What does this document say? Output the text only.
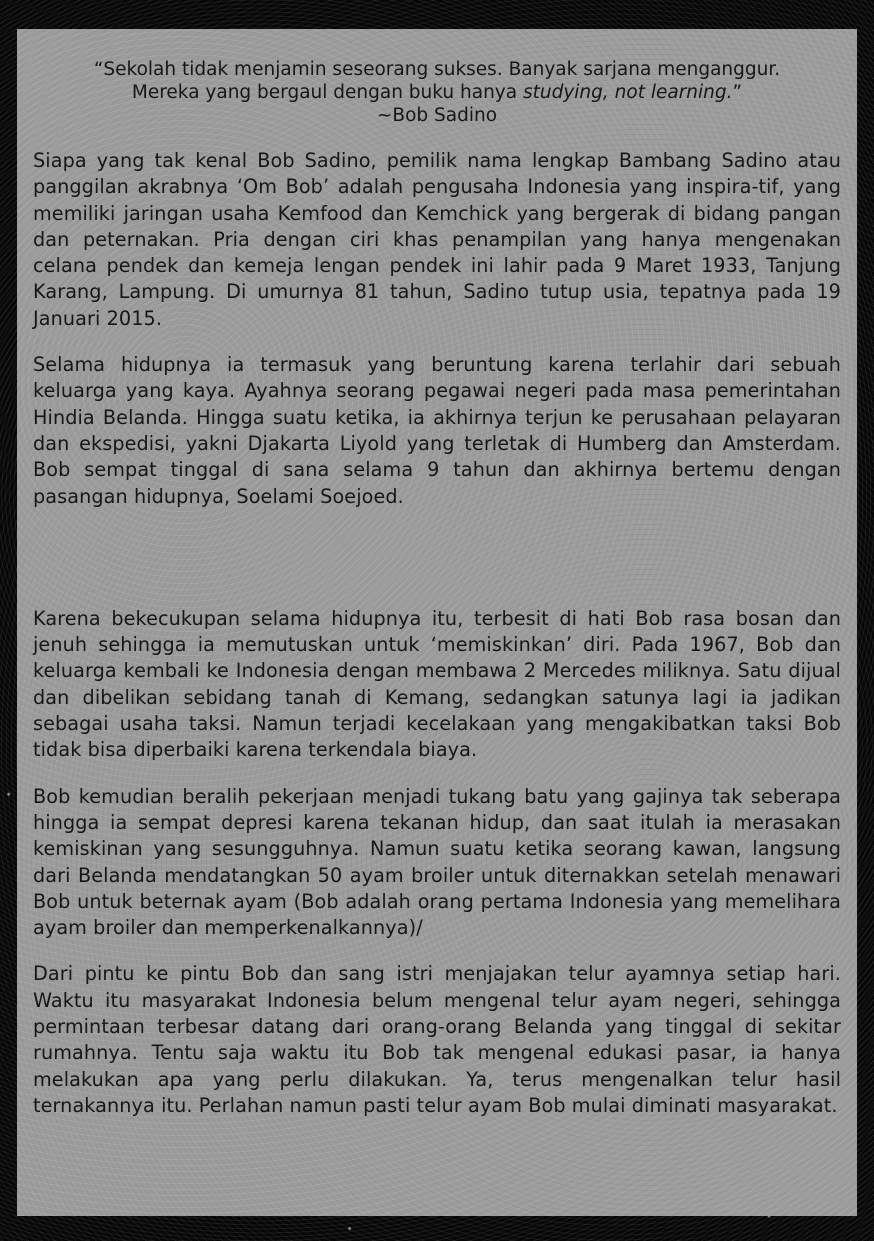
“Sekolah tidak menjamin seseorang sukses. Banyak sarjana menganggur.
Mereka yang bergaul dengan buku hanya studying, not learning.”
~Bob Sadino

Siapa yang tak kenal Bob Sadino, pemilik nama lengkap Bambang Sadino atau panggilan akrabnya ‘Om Bob’ adalah pengusaha Indonesia yang inspira-tif, yang memiliki jaringan usaha Kemfood dan Kemchick yang bergerak di bidang pangan dan peternakan. Pria dengan ciri khas penampilan yang hanya mengenakan celana pendek dan kemeja lengan pendek ini lahir pada 9 Maret 1933, Tanjung Karang, Lampung. Di umurnya 81 tahun, Sadino tutup usia, tepatnya pada 19 Januari 2015.

Selama hidupnya ia termasuk yang beruntung karena terlahir dari sebuah keluarga yang kaya. Ayahnya seorang pegawai negeri pada masa pemerintahan Hindia Belanda. Hingga suatu ketika, ia akhirnya terjun ke perusahaan pelayaran dan ekspedisi, yakni Djakarta Liyold yang terletak di Humberg dan Amsterdam. Bob sempat tinggal di sana selama 9 tahun dan akhirnya bertemu dengan pasangan hidupnya, Soelami Soejoed.

Karena bekecukupan selama hidupnya itu, terbesit di hati Bob rasa bosan dan jenuh sehingga ia memutuskan untuk ‘memiskinkan’ diri. Pada 1967, Bob dan keluarga kembali ke Indonesia dengan membawa 2 Mercedes miliknya. Satu dijual dan dibelikan sebidang tanah di Kemang, sedangkan satunya lagi ia jadikan sebagai usaha taksi. Namun terjadi kecelakaan yang mengakibatkan taksi Bob tidak bisa diperbaiki karena terkendala biaya.

Bob kemudian beralih pekerjaan menjadi tukang batu yang gajinya tak seberapa hingga ia sempat depresi karena tekanan hidup, dan saat itulah ia merasakan kemiskinan yang sesungguhnya. Namun suatu ketika seorang kawan, langsung dari Belanda mendatangkan 50 ayam broiler untuk diternakkan setelah menawari Bob untuk beternak ayam (Bob adalah orang pertama Indonesia yang memelihara ayam broiler dan memperkenalkannya)/

Dari pintu ke pintu Bob dan sang istri menjajakan telur ayamnya setiap hari. Waktu itu masyarakat Indonesia belum mengenal telur ayam negeri, sehingga permintaan terbesar datang dari orang-orang Belanda yang tinggal di sekitar rumahnya. Tentu saja waktu itu Bob tak mengenal edukasi pasar, ia hanya melakukan apa yang perlu dilakukan. Ya, terus mengenalkan telur hasil ternakannya itu. Perlahan namun pasti telur ayam Bob mulai diminati masyarakat.
